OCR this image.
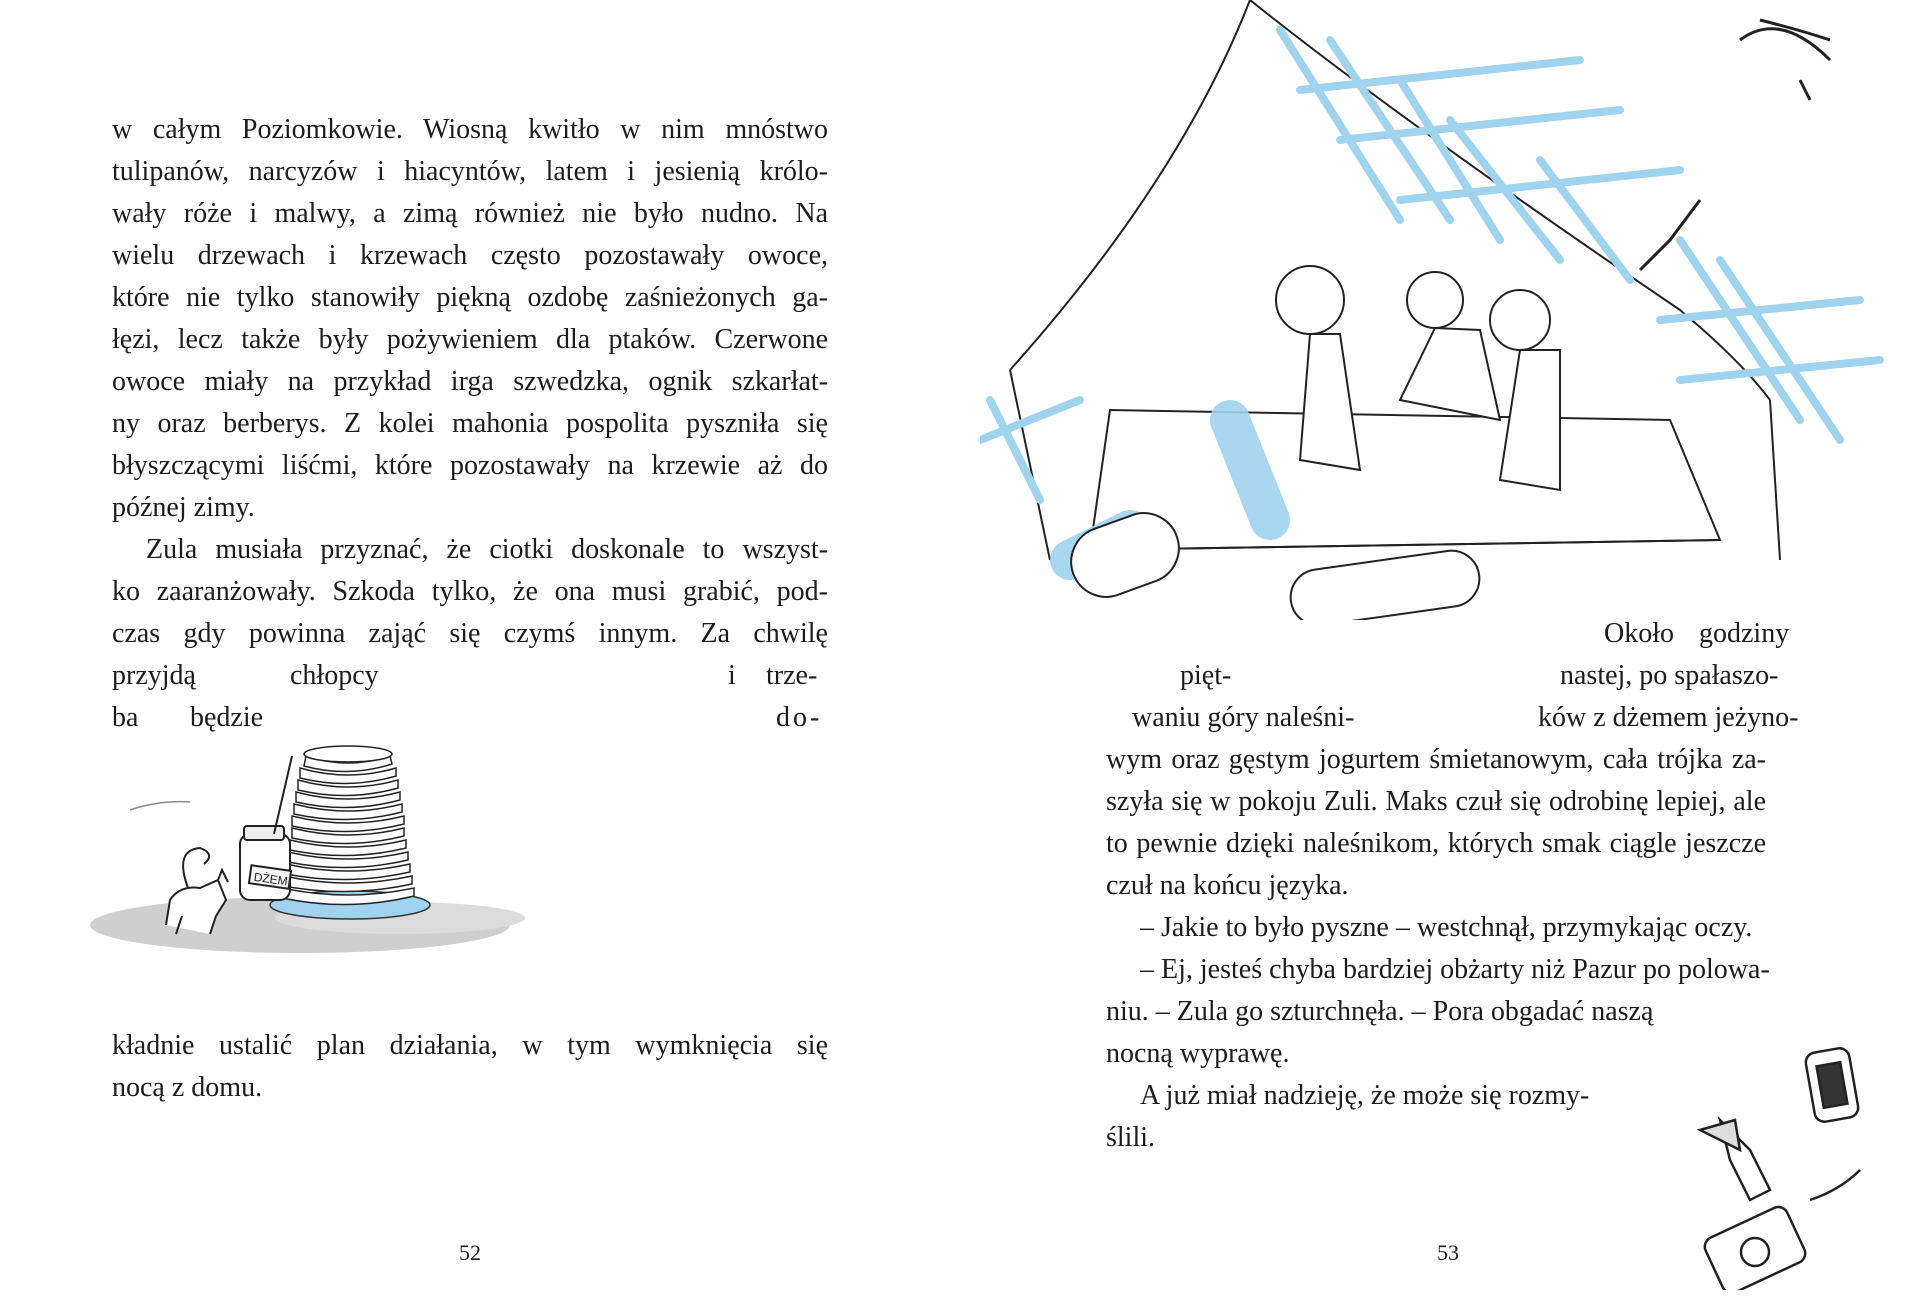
w całym Poziomkowie. Wiosną kwitło w nim mnóstwo
tulipanów, narcyzów i hiacyntów, latem i jesienią królo-
wały róże i malwy, a zimą również nie było nudno. Na
wielu drzewach i krzewach często pozostawały owoce,
które nie tylko stanowiły piękną ozdobę zaśnieżonych ga-
łęzi, lecz także były pożywieniem dla ptaków. Czerwone
owoce miały na przykład irga szwedzka, ognik szkarłat-
ny oraz berberys. Z kolei mahonia pospolita pyszniła się
błyszczącymi liśćmi, które pozostawały na krzewie aż do
późnej zimy.
Zula musiała przyznać, że ciotki doskonale to wszyst-
ko zaaranżowały. Szkoda tylko, że ona musi grabić, pod-
czas gdy powinna zająć się czymś innym. Za chwilę
przyjdą	chłopcy	i trze-
ba będzie	do-
DŻEM
kładnie ustalić plan działania, w tym wymknięcia się
nocą z domu.
52
Około godziny
pięt-	nastej, po spałaszo-
waniu góry naleśni-	ków z dżemem jeżyno-
wym oraz gęstym jogurtem śmietanowym, cała trójka za-
szyła się w pokoju Zuli. Maks czuł się odrobinę lepiej, ale
to pewnie dzięki naleśnikom, których smak ciągle jeszcze
czuł na końcu języka.
– Jakie to było pyszne – westchnął, przymykając oczy.
– Ej, jesteś chyba bardziej obżarty niż Pazur po polowa-
niu. – Zula go szturchnęła. – Pora obgadać naszą
nocną wyprawę.
A już miał nadzieję, że może się rozmy-
ślili.
53
